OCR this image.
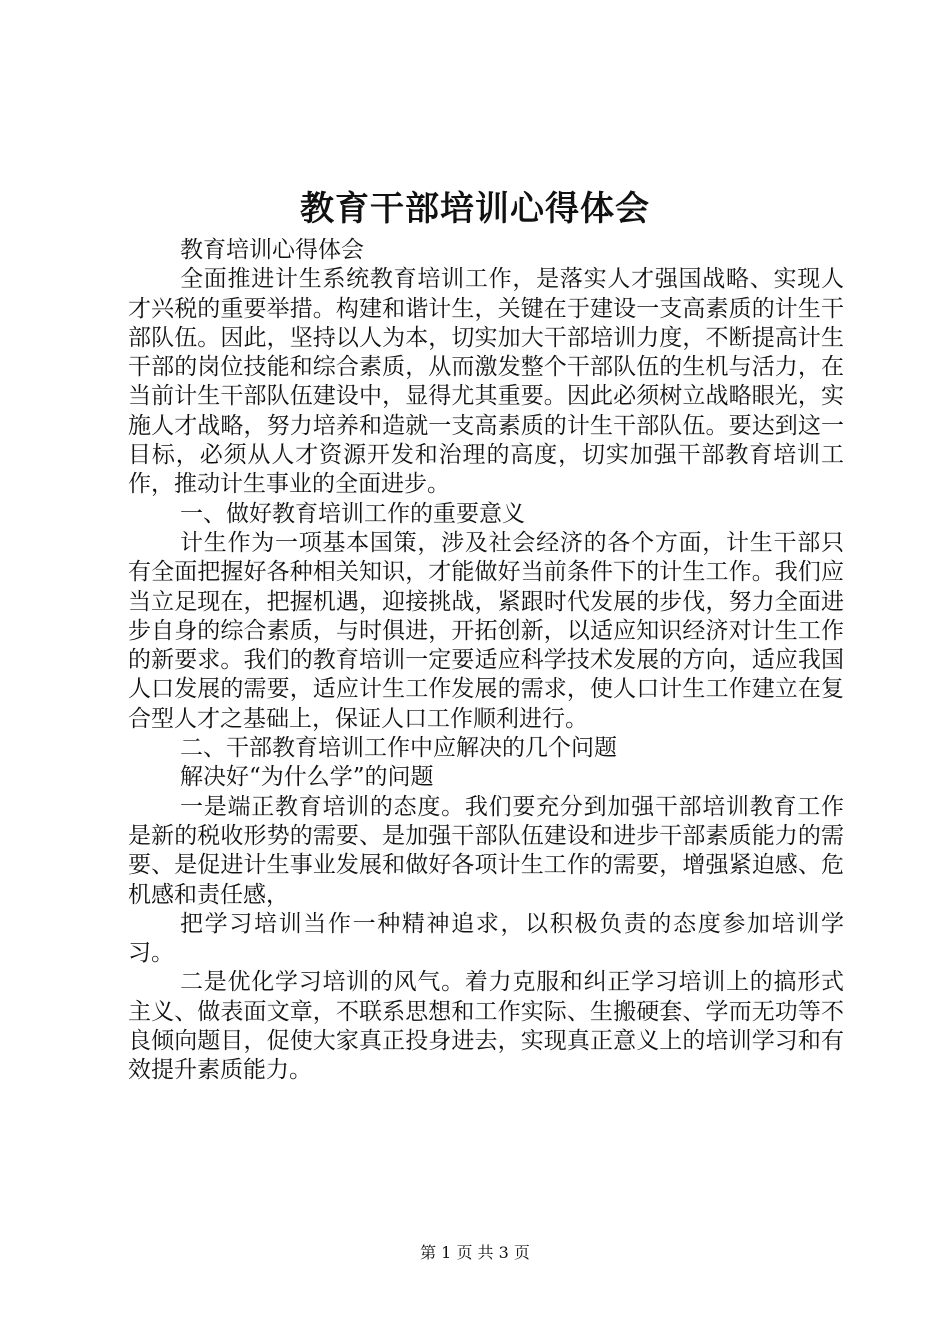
教育干部培训心得体会

教育培训心得体会

全面推进计生系统教育培训工作，是落实人才强国战略、实现人才兴税的重要举措。构建和谐计生，关键在于建设一支高素质的计生干部队伍。因此，坚持以人为本，切实加大干部培训力度，不断提高计生干部的岗位技能和综合素质，从而激发整个干部队伍的生机与活力，在当前计生干部队伍建设中，显得尤其重要。因此必须树立战略眼光，实施人才战略，努力培养和造就一支高素质的计生干部队伍。要达到这一目标，必须从人才资源开发和治理的高度，切实加强干部教育培训工作，推动计生事业的全面进步。

一、做好教育培训工作的重要意义

计生作为一项基本国策，涉及社会经济的各个方面，计生干部只有全面把握好各种相关知识，才能做好当前条件下的计生工作。我们应当立足现在，把握机遇，迎接挑战，紧跟时代发展的步伐，努力全面进步自身的综合素质，与时俱进，开拓创新，以适应知识经济对计生工作的新要求。我们的教育培训一定要适应科学技术发展的方向，适应我国人口发展的需要，适应计生工作发展的需求，使人口计生工作建立在复合型人才之基础上，保证人口工作顺利进行。

二、干部教育培训工作中应解决的几个问题

解决好“为什么学”的问题

一是端正教育培训的态度。我们要充分到加强干部培训教育工作是新的税收形势的需要、是加强干部队伍建设和进步干部素质能力的需要、是促进计生事业发展和做好各项计生工作的需要，增强紧迫感、危机感和责任感，

把学习培训当作一种精神追求，以积极负责的态度参加培训学习。

二是优化学习培训的风气。着力克服和纠正学习培训上的搞形式主义、做表面文章，不联系思想和工作实际、生搬硬套、学而无功等不良倾向题目，促使大家真正投身进去，实现真正意义上的培训学习和有效提升素质能力。

第 1 页 共 3 页
